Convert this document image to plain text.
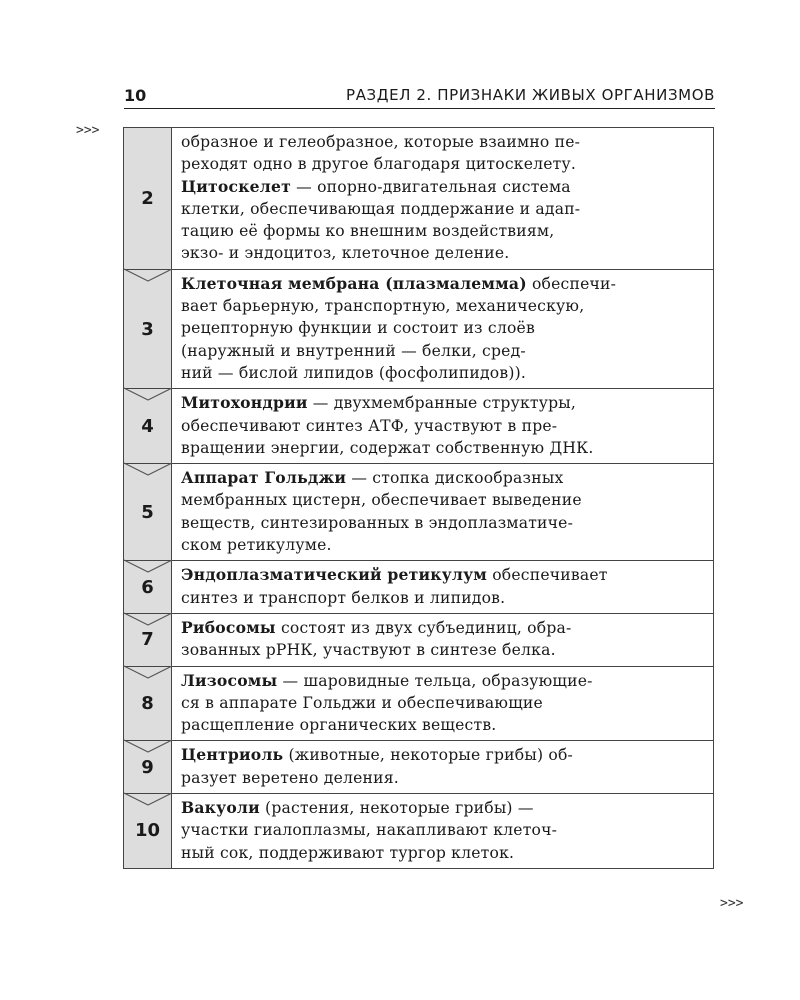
10	РАЗДЕЛ 2. ПРИЗНАКИ ЖИВЫХ ОРГАНИЗМОВ
>>>
>>>
2
образное и гелеобразное, которые взаимно пе-
реходят одно в другое благодаря цитоскелету.
Цитоскелет — опорно-двигательная система
клетки, обеспечивающая поддержание и адап-
тацию её формы ко внешним воздействиям,
экзо- и эндоцитоз, клеточное деление.
3
Клеточная мембрана (плазмалемма) обеспечи-
вает барьерную, транспортную, механическую,
рецепторную функции и состоит из слоёв
(наружный и внутренний — белки, сред-
ний — бислой липидов (фосфолипидов)).
4
Митохондрии — двухмембранные структуры,
обеспечивают синтез АТФ, участвуют в пре-
вращении энергии, содержат собственную ДНК.
5
Аппарат Гольджи — стопка дискообразных
мембранных цистерн, обеспечивает выведение
веществ, синтезированных в эндоплазматиче-
ском ретикулуме.
6
Эндоплазматический ретикулум обеспечивает
синтез и транспорт белков и липидов.
7
Рибосомы состоят из двух субъединиц, обра-
зованных рРНК, участвуют в синтезе белка.
8
Лизосомы — шаровидные тельца, образующие-
ся в аппарате Гольджи и обеспечивающие
расщепление органических веществ.
9
Центриоль (животные, некоторые грибы) об-
разует веретено деления.
10
Вакуоли (растения, некоторые грибы) —
участки гиалоплазмы, накапливают клеточ-
ный сок, поддерживают тургор клеток.
